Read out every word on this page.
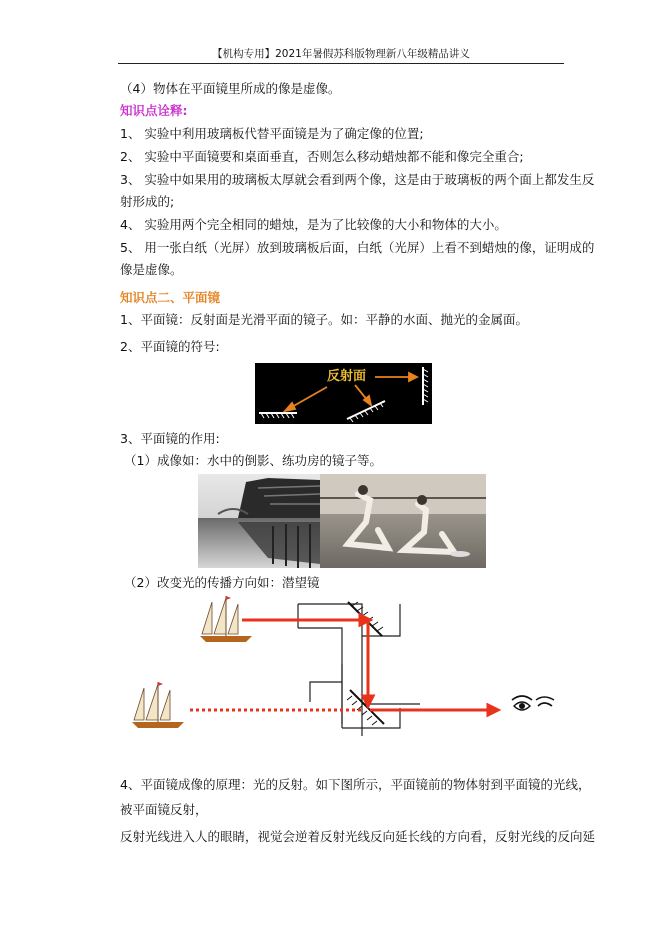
【机构专用】2021年暑假苏科版物理新八年级精品讲义
（4）物体在平面镜里所成的像是虚像。
知识点诠释:
1、 实验中利用玻璃板代替平面镜是为了确定像的位置;
2、 实验中平面镜要和桌面垂直，否则怎么移动蜡烛都不能和像完全重合;
3、 实验中如果用的玻璃板太厚就会看到两个像，这是由于玻璃板的两个面上都发生反
射形成的;
4、 实验用两个完全相同的蜡烛，是为了比较像的大小和物体的大小。
5、 用一张白纸（光屏）放到玻璃板后面，白纸（光屏）上看不到蜡烛的像，证明成的
像是虚像。
知识点二、平面镜
1、平面镜：反射面是光滑平面的镜子。如：平静的水面、抛光的金属面。
2、平面镜的符号:
反射面
3、平面镜的作用:
（1）成像如：水中的倒影、练功房的镜子等。
（2）改变光的传播方向如：潜望镜
4、平面镜成像的原理：光的反射。如下图所示，平面镜前的物体射到平面镜的光线，
被平面镜反射，
反射光线进入人的眼睛，视觉会逆着反射光线反向延长线的方向看，反射光线的反向延
